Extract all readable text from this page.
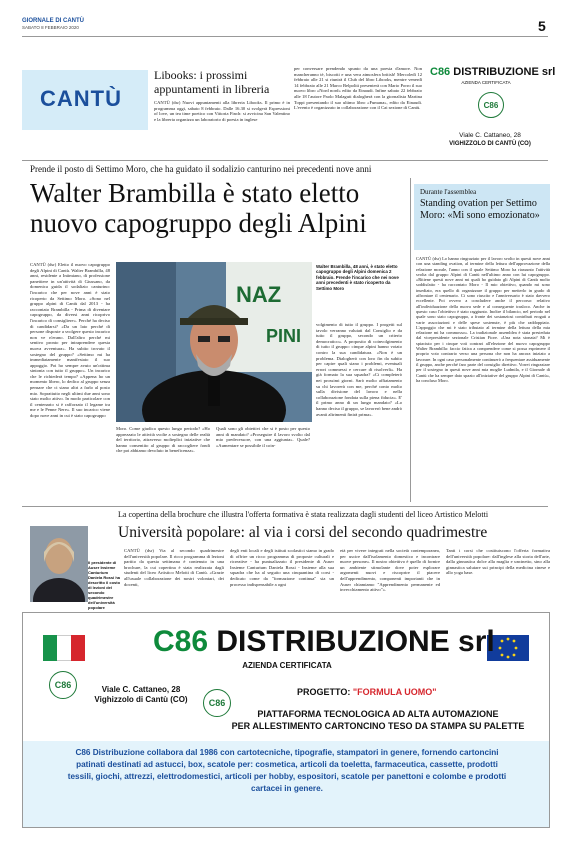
GIORNALE DI CANTÙ
SABATO 8 FEBBRAIO 2020	5
CANTÙ
Libooks: i prossimi
appuntamenti in libreria
CANTÙ (dsr) Nuovi appuntamenti alla libreria Libooks. Il primo è in programma oggi, sabato 8 febbraio. Dalle 16.30 si svolgerà Espressioni of love, un tea time poetico con Vittoria Finch: si avvicina San Valentino e la libreria organizza un laboratorio di poesia in inglese
per conversare prendendo spunto da una poesia d'amore. Non mancheranno tè, biscotti e una vera atmosfera british! Mercoledì 12 febbraio alle 21 si riunirà il Club del libro Libooks, mentre venerdì 14 febbraio alle 21 Marco Belpoliti presenterà con Mario Porro il suo nuovo libro «Nord nord» edito da Einaudi. Infine sabato 22 febbraio alle 18 l'autore Paolo Malaguti dialogherà con la giornalista Martina Toppi presentando il suo ultimo libro «Fumana», edito da Einaudi. L'evento è organizzato in collaborazione con il Cai sezione di Cantù.
C86 DISTRIBUZIONE srl
AZIENDA CERTIFICATA
C86
Viale C. Cattaneo, 28
VIGHIZZOLO DI CANTÙ (CO)
Prende il posto di Settimo Moro, che ha guidato il sodalizio canturino nei precedenti nove anni
Walter Brambilla è stato eletto
nuovo capogruppo degli Alpini
CANTÙ (dsr) Eletto il nuovo capogruppo degli Alpini di Cantù. Walter Brambilla, 48 anni, residente a Intimiano, di professione panettiere in un'attività di Giussano, da domenica guida il sodalizio canturino: l'incarico che per nove anni è stato ricoperto da Settimo Moro. «Sono nel gruppo alpini di Cantù dal 2013 - ha raccontato Brambilla - Prima di diventare capogruppo, da diversi anni ricoprivo l'incarico di consigliere». Perché ha deciso di candidarsi? «Da un lato perché di persone disposte a svolgere questo incarico non ve n'erano. Dall'altro perché mi sentivo pronto per intraprendere questa nuova avventura». Ha subito trovato il sostegno del gruppo? «Settimo mi ha immediatamente manifestato il suo appoggio. Poi ho sempre avuto un'ottima sintonia con tutto il gruppo». Un incarico che le richiederà tempo? «Appena ho un momento libero, lo dedico al gruppo senza pensare che ci siano altri a farlo al posto mio. Soprattutto negli ultimi due anni sono stato molto attivo. In modo particolare con il centenario si è rafforzato il legame tra me e le Penne Nere». Il suo incarico viene dopo nove anni in cui è stato capogruppo
NAZ
PINI
Moro. Come giudica questo lungo periodo? «Ho apprezzato le attività svolte a sostegno delle realtà del territorio, attraverso molteplici iniziative che hanno consentito al gruppo di raccogliere fondi che poi abbiamo devoluto in beneficenza».
Quali sono gli obiettivi che si è posto per questo anni di mandato? «Proseguire il lavoro svolto dal mio predecessore, con una aggiunta». Quale? «Aumentare se possibile il coin-
Walter Brambilla, 48 anni, è stato eletto capogruppo degli Alpini domenica 2 febbraio. Prende l'incarico che nei nove anni precedenti è stato ricoperto da Settimo Moro
volgimento di tutto il gruppo. I progetti sul tavolo verranno valutati dal Consiglio e da tutto il gruppo, secondo un criterio democratico». A proposito di coinvolgimento di tutto il gruppo: cinque alpini hanno votato contro la sua candidatura. «Non è un problema. Dialogherò con loro fin da subito per capire quali siano i problemi, eventuali errori commessi e cercare di risolverli». Ha già formato la sua squadra? «Ci completerò nei prossimi giorni. Sarò molto affiatamento su chi lavorerà con me, perché conto molto sulla divisione del lavoro e nella collaborazione fondata sulla piena fiducia». E' il primo anno di un lungo mandato? «Lo hanno deciso il gruppo, se lavorerò bene andrò avanti altrimenti finirà prima».
Durante l'assemblea
Standing ovation per Settimo Moro: «Mi sono emozionato»
CANTÙ (dsr) Lo hanno ringraziato per il lavoro svolto in questi nove anni con una standing ovation, al termine della lettura dell'approvazione della relazione morale, l'anno con il quale Settimo Moro ha riassunto l'attività svolta dal gruppo Alpini di Cantù nell'ultimo anno con lui capogruppo. «Ritiene questi nove anni mi quali ho guidato gli Alpini di Cantù molto soddisfatto - ha raccontato Moro - Il mio obiettivo, quando mi sono insediato, era quello di organizzare il gruppo per metterlo in grado di affrontare il centenario. Ci sono riuscito e l'anniversario è stato davvero eccellente. Poi ovvero a concludere anche il percorso: relativo all'individuazione della nuova sede e al conseguente trasloco. Anche in questo caso l'obiettivo è stato raggiunto. Inoltre il bilancio, nel periodo nel quale sono stato capogruppo, a fronte dei sostanziosi contributi erogati a varie associazioni e delle spese sostenute, è più che raddoppiato. L'appoggio che mi è stato tributato al termine della lettura della mia relazione mi ha commosso». La tradizionale assemblea è stata presieduta dal vicepresidente sezionale Cristian Fiore. «Una nota stonata? Mi è spiaciuto per i cinque voti contrari all'elezione del nuovo capogruppo Walter Brambilla: faccio fatica a comprendere come si possa esprimere il proprio voto contrario verso una persona che non ha ancora iniziato a lavorare. In ogni caso personalmente continuerò a frequentare assiduamente il gruppo, anche perché faro parte del consiglio direttivo. Vorrei ringraziare per il sostegno in questi nove anni mia moglie Ludmila, e il Giornale di Cantù che ha sempre dato spazio all'iniziative del gruppo Alpini di Cantù», ha concluso Moro.
La copertina della brochure che illustra l'offerta formativa è stata realizzata dagli studenti del liceo Artistico Melotti
Università popolare: al via i corsi del secondo quadrimestre
Il presidente di Auser Insieme Canturium Daniela Rossi ha descritto il costo di lezioni del secondo quadrimestre dell'università popolare
CANTÙ (dsr) Via al secondo quadrimestre dell'università popolare. Il ricco programma di lezioni partito da questa settimana è contenuto in una brochure, la cui copertina è stata realizzata dagli studenti del liceo Artistico Melotti di Cantù. «Grazie all'usuale collaborazione dei nostri volontari, dei docenti,
degli enti locali e degli istituti scolastici siamo in grado di offrire un ricco programma di proposte culturali e ricreative - ha puntualizzato il presidente di Auser Insieme Canturium Daniela Rossi - Insieme alla sua squadra che ha al seguito una cinquantina di corsi - dedicato come da "formazione continua" sia un processo indispensabile a ogni
età per vivere integrati nella società contemporanea, per uscire dall'isolamento domestico e incontrare nuove persone». Il nostro obiettivo è quello di fornire un ambiente stimolante dove poter esplorare argomenti nuovi e riscoprire il piacere dell'apprendimento, componenti importanti che in Auser chiamiamo "Apprendimento permanente ed invecchiamento attivo"».
Tanti i corsi che costituiscono l'offerta formativa dell'università popolare: dall'inglese alla storia dell'arte, dalla ginnastica dolce alla maglia e uncinetto, sino alla ginnastica salutare sui principi della medicina cinese e allo yoga base.
C86 DISTRIBUZIONE srl
AZIENDA CERTIFICATA
C86
C86
Viale C. Cattaneo, 28
Vighizzolo di Cantù (CO)
PROGETTO: "FORMULA UOMO"
PIATTAFORMA TECNOLOGICA AD ALTA AUTOMAZIONE
PER ALLESTIMENTO CARTONCINO TESO DA STAMPA SU PALETTE
C86 Distribuzione collabora dal 1986 con cartotecniche, tipografie, stampatori in genere, fornendo cartoncini patinati destinati ad astucci, box, scatole per: cosmetica, articoli da toeletta, farmaceutica, cassette, prodotti tessili, giochi, attrezzi, elettrodomestici, articoli per hobby, espositori, scatole per panettoni e colombe e prodotti cartacei in genere.
